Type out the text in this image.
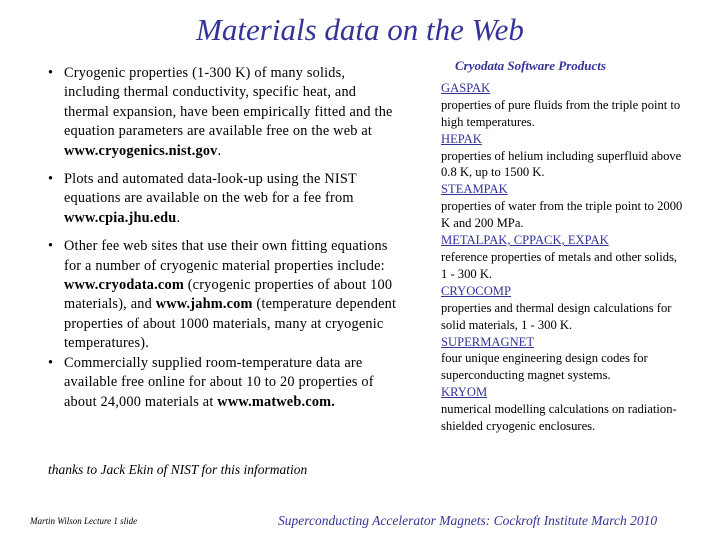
Materials data on the Web
• Cryogenic properties (1-300 K) of many solids, including thermal conductivity, specific heat, and thermal expansion, have been empirically fitted and the equation parameters are available free on the web at www.cryogenics.nist.gov.
• Plots and automated data-look-up using the NIST equations are available on the web for a fee from www.cpia.jhu.edu.
• Other fee web sites that use their own fitting equations for a number of cryogenic material properties include: www.cryodata.com (cryogenic properties of about 100 materials), and www.jahm.com (temperature dependent properties of about 1000 materials, many at cryogenic temperatures).
• Commercially supplied room-temperature data are available free online for about 10 to 20 properties of about 24,000 materials at www.matweb.com.
Cryodata Software Products
GASPAK
properties of pure fluids from the triple point to high temperatures.
HEPAK
properties of helium including superfluid above 0.8 K, up to 1500 K.
STEAMPAK
properties of water from the triple point to 2000 K and 200 MPa.
METALPAK, CPPACK, EXPAK
reference properties of metals and other solids, 1 - 300 K.
CRYOCOMP
properties and thermal design calculations for solid materials, 1 - 300 K.
SUPERMAGNET
four unique engineering design codes for superconducting magnet systems.
KRYOM
numerical modelling calculations on radiation-shielded cryogenic enclosures.
thanks to Jack Ekin of NIST for this information
Martin Wilson Lecture 1 slide	Superconducting Accelerator Magnets: Cockroft Institute March 2010
